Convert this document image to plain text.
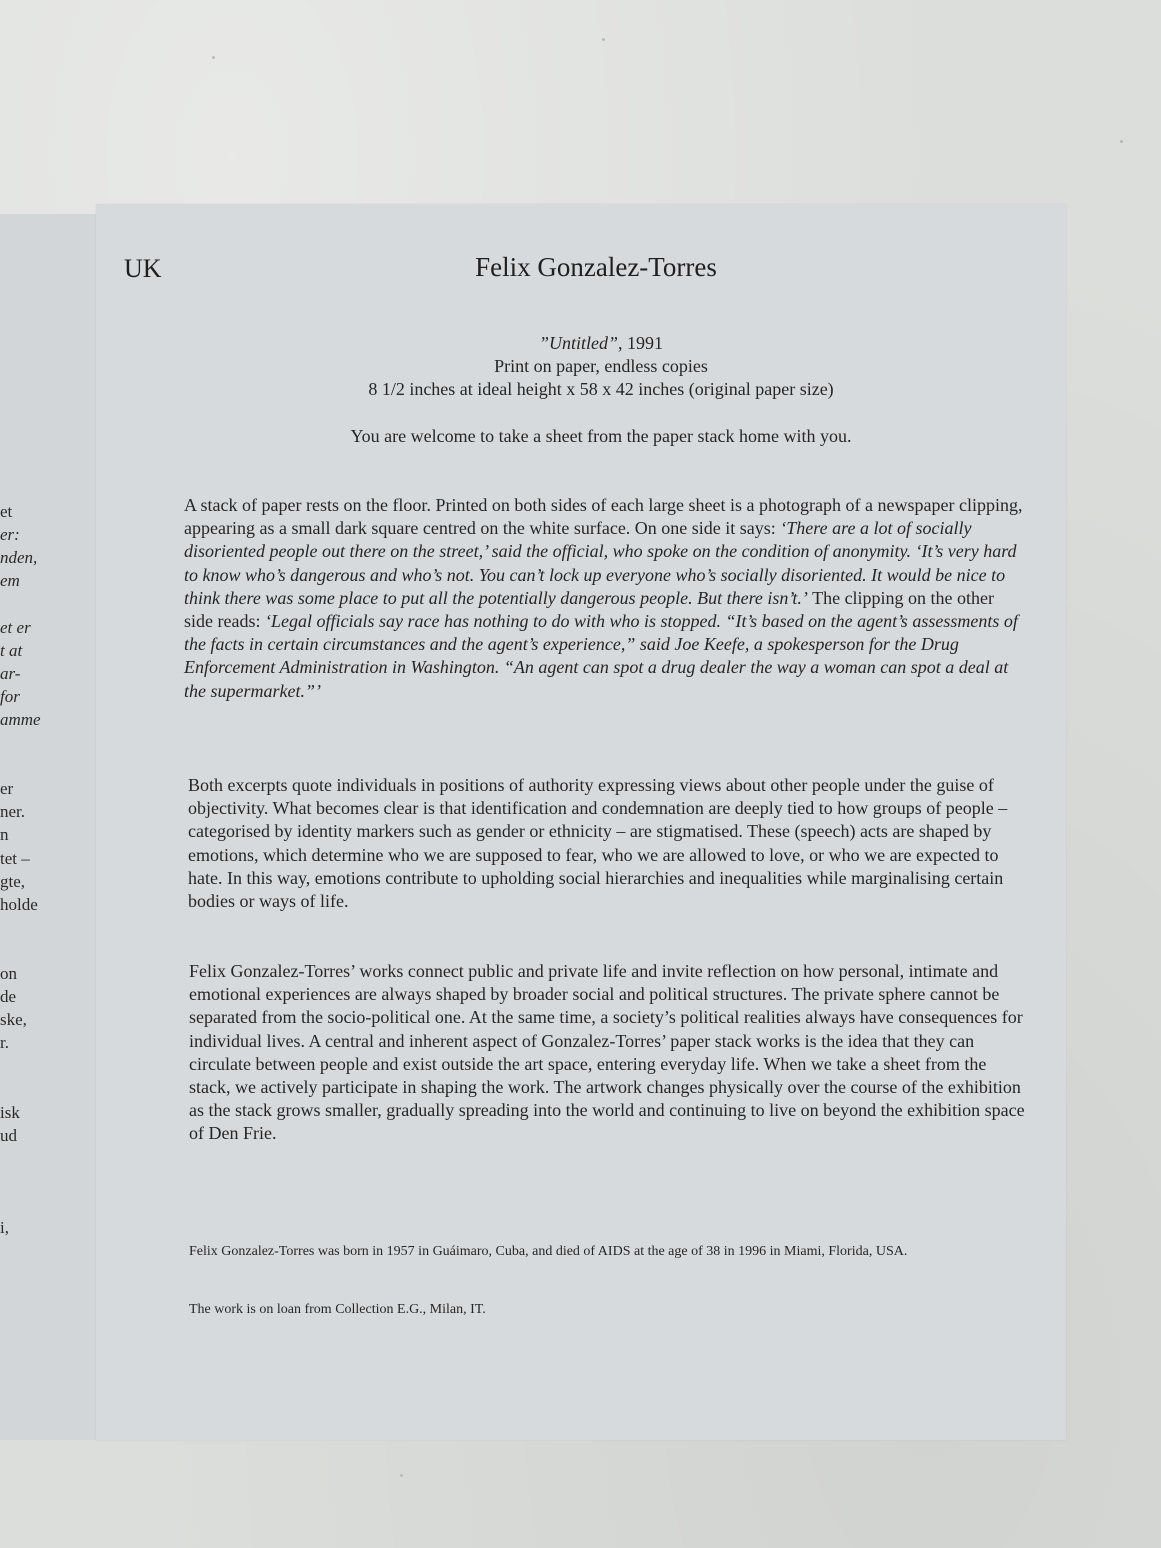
et
er:
nden,
em
et er
t at
ar-
for
amme
er
ner.
n
tet –
gte,
holde
on
de
ske,
r.
isk
ud
i,
UK	Felix Gonzalez-Torres
”Untitled”, 1991
Print on paper, endless copies
8 1/2 inches at ideal height x 58 x 42 inches (original paper size)
You are welcome to take a sheet from the paper stack home with you.

A stack of paper rests on the floor. Printed on both sides of each large sheet is a photograph of a newspaper clipping, appearing as a small dark square centred on the white surface. On one side it says: ‘There are a lot of socially disoriented people out there on the street,’ said the official, who spoke on the condition of anonymity. ‘It’s very hard to know who’s dangerous and who’s not. You can’t lock up everyone who’s socially disoriented. It would be nice to think there was some place to put all the potentially dangerous people. But there isn’t.’ The clipping on the other side reads: ‘Legal officials say race has nothing to do with who is stopped. “It’s based on the agent’s assessments of the facts in certain circumstances and the agent’s experience,” said Joe Keefe, a spokesperson for the Drug Enforcement Administration in Washington. “An agent can spot a drug dealer the way a woman can spot a deal at the supermarket.”’

Both excerpts quote individuals in positions of authority expressing views about other people under the guise of objectivity. What becomes clear is that identification and condemnation are deeply tied to how groups of people – categorised by identity markers such as gender or ethnicity – are stigmatised. These (speech) acts are shaped by emotions, which determine who we are supposed to fear, who we are allowed to love, or who we are expected to hate. In this way, emotions contribute to upholding social hierarchies and inequalities while marginalising certain bodies or ways of life.

Felix Gonzalez-Torres’ works connect public and private life and invite reflection on how personal, intimate and emotional experiences are always shaped by broader social and political structures. The private sphere cannot be separated from the socio-political one. At the same time, a society’s political realities always have consequences for individual lives. A central and inherent aspect of Gonzalez-Torres’ paper stack works is the idea that they can circulate between people and exist outside the art space, entering everyday life. When we take a sheet from the stack, we actively participate in shaping the work. The artwork changes physically over the course of the exhibition as the stack grows smaller, gradually spreading into the world and continuing to live on beyond the exhibition space of Den Frie.

Felix Gonzalez-Torres was born in 1957 in Guáimaro, Cuba, and died of AIDS at the age of 38 in 1996 in Miami, Florida, USA.
The work is on loan from Collection E.G., Milan, IT.
